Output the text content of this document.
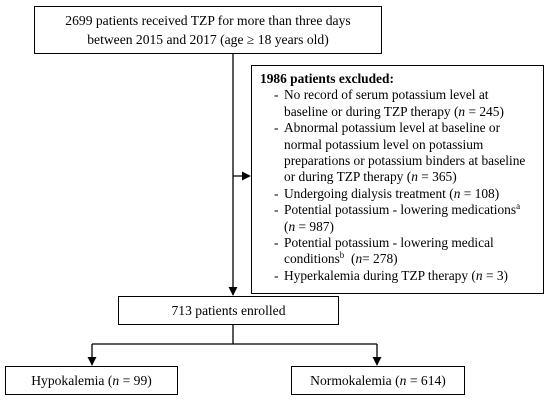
2699 patients received TZP for more than three days
between 2015 and 2017 (age ≥ 18 years old)
1986 patients excluded:
- No record of serum potassium level at
baseline or during TZP therapy (n = 245)
- Abnormal potassium level at baseline or
normal potassium level on potassium
preparations or potassium binders at baseline
or during TZP therapy (n = 365)
- Undergoing dialysis treatment (n = 108)
- Potential potassium - lowering medications$^a$
(n = 987)
- Potential potassium - lowering medical
conditions$^b$  (n= 278)
- Hyperkalemia during TZP therapy (n = 3)
713 patients enrolled
Hypokalemia (n = 99)	Normokalemia (n = 614)
